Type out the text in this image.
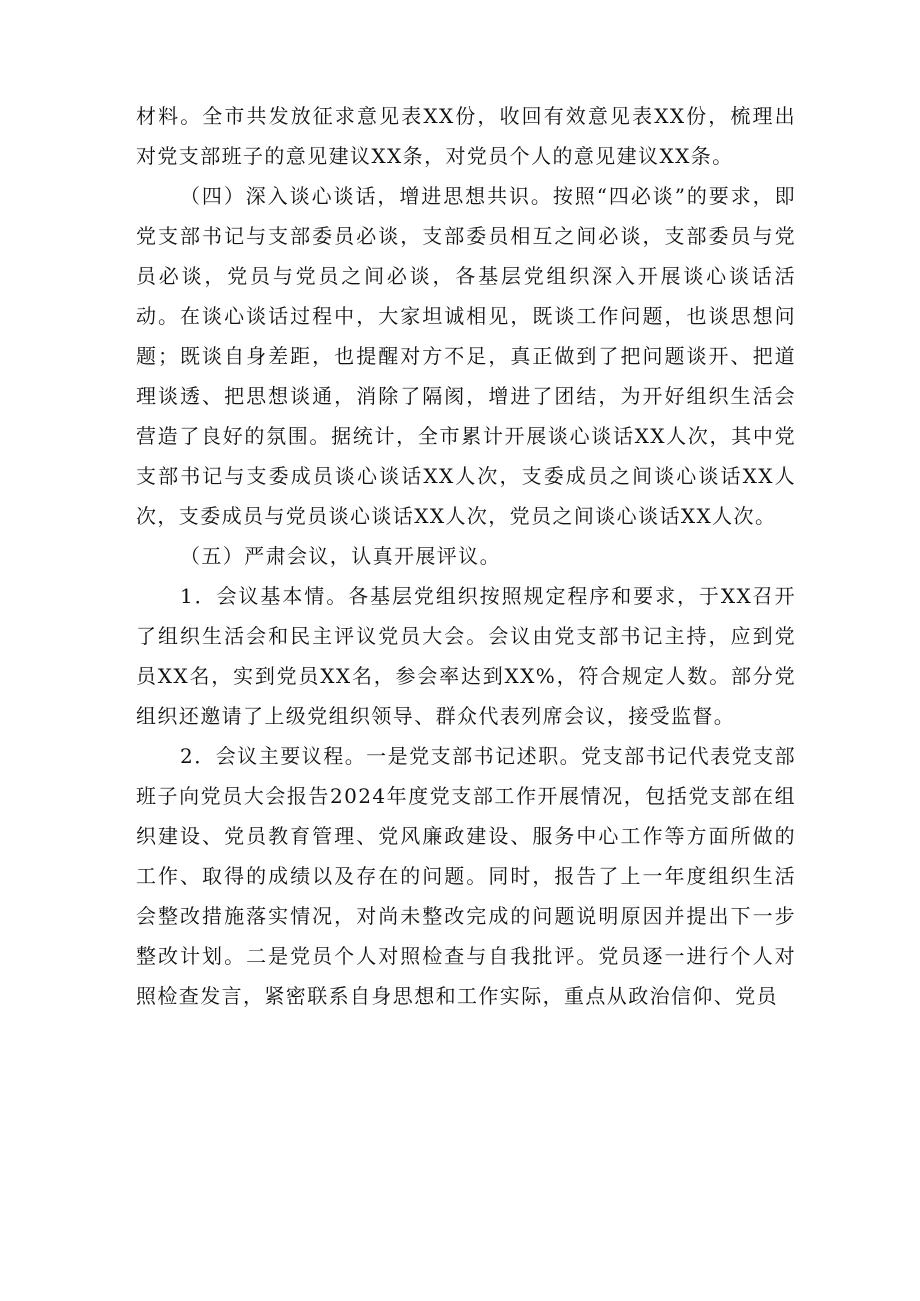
材料。全市共发放征求意见表XX份，收回有效意见表XX份，梳理出对党支部班子的意见建议XX条，对党员个人的意见建议XX条。

（四）深入谈心谈话，增进思想共识。按照“四必谈”的要求，即党支部书记与支部委员必谈，支部委员相互之间必谈，支部委员与党员必谈，党员与党员之间必谈，各基层党组织深入开展谈心谈话活动。在谈心谈话过程中，大家坦诚相见，既谈工作问题，也谈思想问题；既谈自身差距，也提醒对方不足，真正做到了把问题谈开、把道理谈透、把思想谈通，消除了隔阂，增进了团结，为开好组织生活会营造了良好的氛围。据统计，全市累计开展谈心谈话XX人次，其中党支部书记与支委成员谈心谈话XX人次，支委成员之间谈心谈话XX人次，支委成员与党员谈心谈话XX人次，党员之间谈心谈话XX人次。

（五）严肃会议，认真开展评议。

1．会议基本情。各基层党组织按照规定程序和要求，于XX召开了组织生活会和民主评议党员大会。会议由党支部书记主持，应到党员XX名，实到党员XX名，参会率达到XX%，符合规定人数。部分党组织还邀请了上级党组织领导、群众代表列席会议，接受监督。

2．会议主要议程。一是党支部书记述职。党支部书记代表党支部班子向党员大会报告2024年度党支部工作开展情况，包括党支部在组织建设、党员教育管理、党风廉政建设、服务中心工作等方面所做的工作、取得的成绩以及存在的问题。同时，报告了上一年度组织生活会整改措施落实情况，对尚未整改完成的问题说明原因并提出下一步整改计划。二是党员个人对照检查与自我批评。党员逐一进行个人对照检查发言，紧密联系自身思想和工作实际，重点从政治信仰、党员
